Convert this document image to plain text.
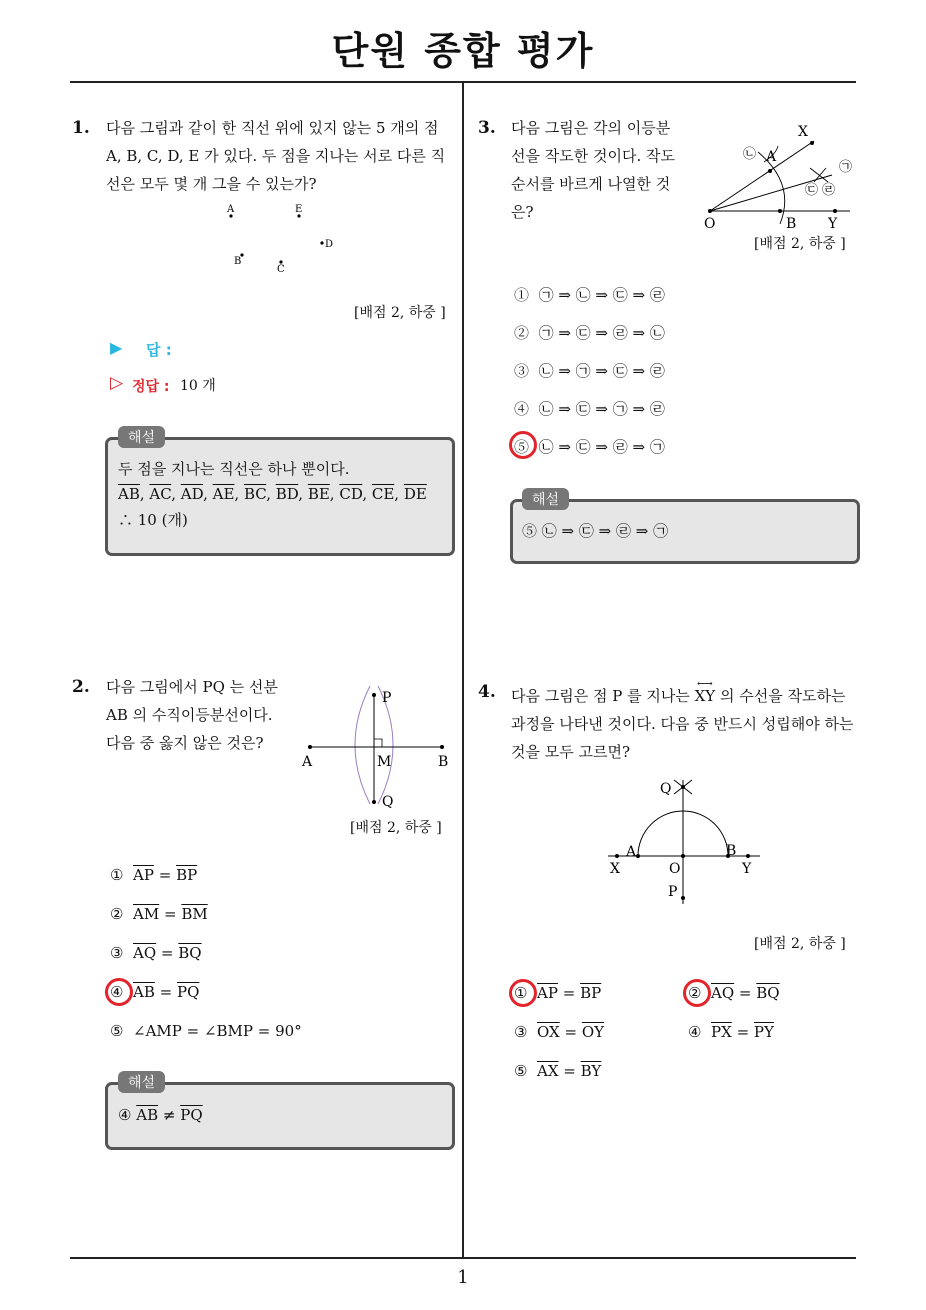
단원 종합 평가
1
1. 다음 그림과 같이 한 직선 위에 있지 않는 5 개의 점 A, B, C, D, E 가 있다. 두 점을 지나는 서로 다른 직선은 모두 몇 개 그을 수 있는가?
A	E
D
B
C
[배점 2, 하중 ]
▶ 답 :
▷ 정답 : 10 개
해설
두 점을 지나는 직선은 하나 뿐이다.
$\overline{AB}$, $\overline{AC}$, $\overline{AD}$, $\overline{AE}$, $\overline{BC}$, $\overline{BD}$, $\overline{BE}$, $\overline{CD}$, $\overline{CE}$, $\overline{DE}$
∴ 10 (개)
2. 다음 그림에서 PQ 는 선분 AB 의 수직이등분선이다. 다음 중 옳지 않은 것은?
P
A	M	B
Q
[배점 2, 하중 ]
① $\overline{AP} = \overline{BP}$
② $\overline{AM} = \overline{BM}$
③ $\overline{AQ} = \overline{BQ}$
④ $\overline{AB} = \overline{PQ}$
⑤ ∠AMP = ∠BMP = 90°
해설
④ $\overline{AB} \ne \overline{PQ}$
3. 다음 그림은 각의 이등분선을 작도한 것이다. 작도 순서를 바르게 나열한 것은?
X
A
O	B Y
㉠
㉡
㉢ ㉣
[배점 2, 하중 ]
① ㉠ ⇒ ㉡ ⇒ ㉢ ⇒ ㉣
② ㉠ ⇒ ㉢ ⇒ ㉣ ⇒ ㉡
③ ㉡ ⇒ ㉠ ⇒ ㉢ ⇒ ㉣
④ ㉡ ⇒ ㉢ ⇒ ㉠ ⇒ ㉣
⑤ ㉡ ⇒ ㉢ ⇒ ㉣ ⇒ ㉠
해설
⑤ ㉡ ⇒ ㉢ ⇒ ㉣ ⇒ ㉠
4. 다음 그림은 점 P 를 지나는
⟷
XY 의 수선을 작도하는 과정을 나타낸 것이다. 다음 중 반드시 성립해야 하는 것을 모두 고르면?
Q
A	B
X	O	Y
P
[배점 2, 하중 ]
① $\overline{AP} = \overline{BP}$	② $\overline{AQ} = \overline{BQ}$
③ $\overline{OX} = \overline{OY}$	④ $\overline{PX} = \overline{PY}$
⑤ $\overline{AX} = \overline{BY}$
